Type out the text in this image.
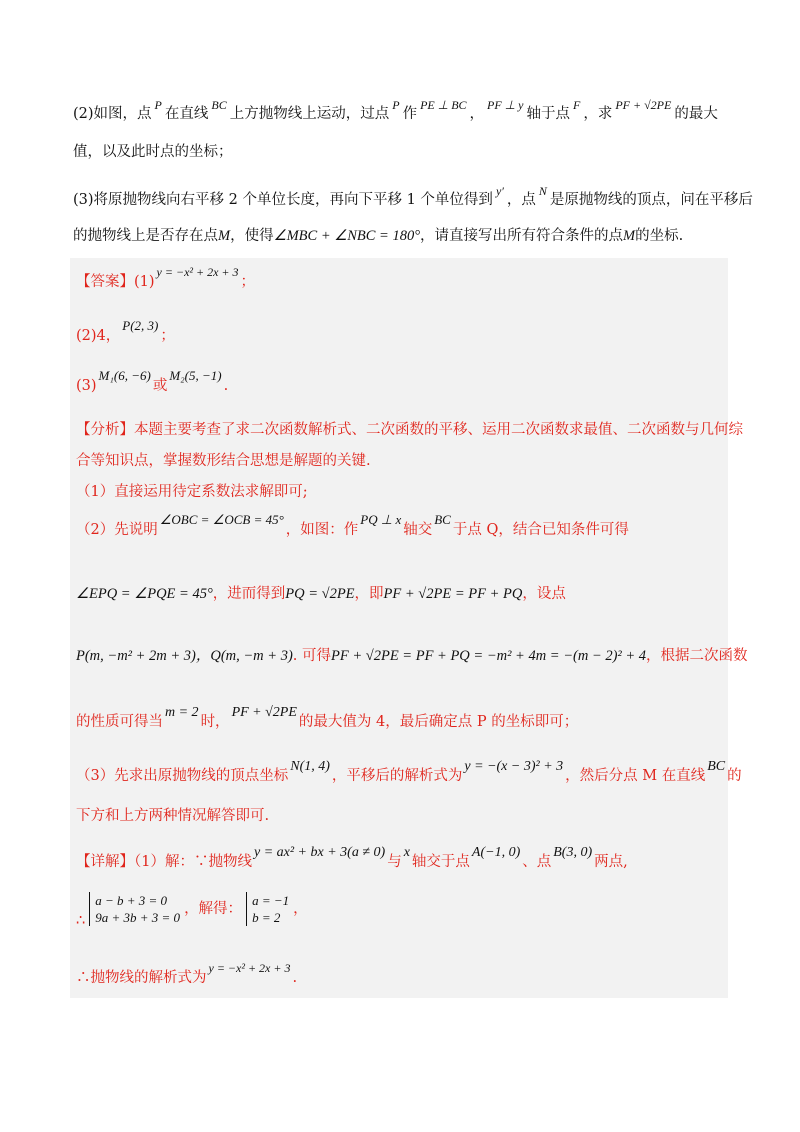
(2)如图，点$^P$在直线$^{BC}$上方抛物线上运动，过点$^P$作$^{PE \perp BC}$，$^{PF \perp y}$轴于点$^F$，求$^{PF + √2PE}$的最大
值，以及此时点的坐标；
(3)将原抛物线向右平移 2 个单位长度，再向下平移 1 个单位得到$^{y'}$，点$^N$是原抛物线的顶点，问在平移后
的抛物线上是否存在点M，使得∠MBC + ∠NBC = 180°，请直接写出所有符合条件的点M的坐标.
【答案】$(1)^{y = -x^2 + 2x + 3}$；
(2)4，P(2, 3)；
(3)M₁(6, −6)或M₂(5, −1).
【分析】本题主要考查了求二次函数解析式、二次函数的平移、运用二次函数求最值、二次函数与几何综
合等知识点，掌握数形结合思想是解题的关键.
（1）直接运用待定系数法求解即可;
（2）先说明∠OBC = ∠OCB = 45°，如图：作PQ ⊥ x轴交BC于点 Q，结合已知条件可得
∠EPQ = ∠PQE = 45°，进而得到PQ = √2PE，即PF + √2PE = PF + PQ，设点
P(m, −m² + 2m + 3)，Q(m, −m + 3). 可得PF + √2PE = PF + PQ = −m² + 4m = −(m − 2)² + 4，根据二次函数
的性质可得当m = 2时，PF + √2PE的最大值为 4，最后确定点 P 的坐标即可；
（3）先求出原抛物线的顶点坐标N(1, 4)，平移后的解析式为y = −(x − 3)² + 3，然后分点 M 在直线BC的
下方和上方两种情况解答即可.
【详解】（1）解：∵抛物线y = ax² + bx + 3(a ≠ 0)与x轴交于点A(−1, 0)、点B(3, 0)两点,
∴a − b + 3 = 0
9a + 3b + 3 = 0，解得：a = −1
b = 2，
∴抛物线的解析式为$^{y = -x^2 + 2x + 3}$.
